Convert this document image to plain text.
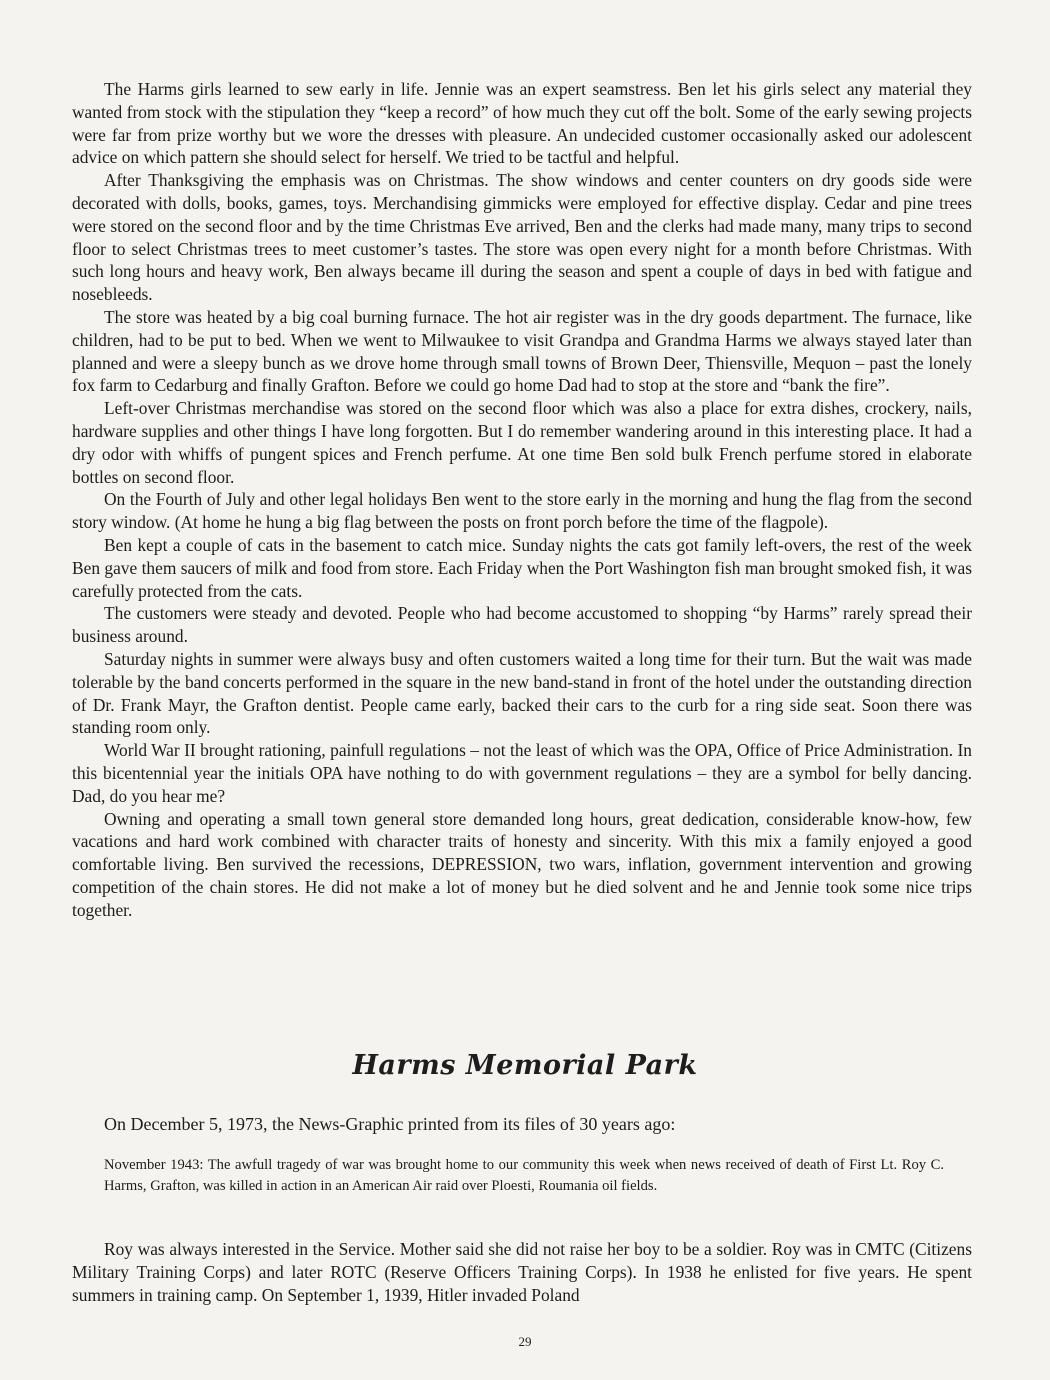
The Harms girls learned to sew early in life. Jennie was an expert seamstress. Ben let his girls select any material they wanted from stock with the stipulation they “keep a record” of how much they cut off the bolt. Some of the early sewing projects were far from prize worthy but we wore the dresses with pleasure. An undecided customer occasionally asked our adolescent advice on which pattern she should select for herself. We tried to be tactful and helpful.

After Thanksgiving the emphasis was on Christmas. The show windows and center counters on dry goods side were decorated with dolls, books, games, toys. Merchandising gimmicks were employed for effective display. Cedar and pine trees were stored on the second floor and by the time Christmas Eve arrived, Ben and the clerks had made many, many trips to second floor to select Christmas trees to meet customer’s tastes. The store was open every night for a month before Christmas. With such long hours and heavy work, Ben always became ill during the season and spent a couple of days in bed with fatigue and nosebleeds.

The store was heated by a big coal burning furnace. The hot air register was in the dry goods department. The furnace, like children, had to be put to bed. When we went to Milwaukee to visit Grandpa and Grandma Harms we always stayed later than planned and were a sleepy bunch as we drove home through small towns of Brown Deer, Thiensville, Mequon – past the lonely fox farm to Cedarburg and finally Grafton. Before we could go home Dad had to stop at the store and “bank the fire”.

Left-over Christmas merchandise was stored on the second floor which was also a place for extra dishes, crockery, nails, hardware supplies and other things I have long forgotten. But I do remember wandering around in this interesting place. It had a dry odor with whiffs of pungent spices and French perfume. At one time Ben sold bulk French perfume stored in elaborate bottles on second floor.

On the Fourth of July and other legal holidays Ben went to the store early in the morning and hung the flag from the second story window. (At home he hung a big flag between the posts on front porch before the time of the flagpole).

Ben kept a couple of cats in the basement to catch mice. Sunday nights the cats got family left-overs, the rest of the week Ben gave them saucers of milk and food from store. Each Friday when the Port Washington fish man brought smoked fish, it was carefully protected from the cats.

The customers were steady and devoted. People who had become accustomed to shopping “by Harms” rarely spread their business around.

Saturday nights in summer were always busy and often customers waited a long time for their turn. But the wait was made tolerable by the band concerts performed in the square in the new band-stand in front of the hotel under the outstanding direction of Dr. Frank Mayr, the Grafton dentist. People came early, backed their cars to the curb for a ring side seat. Soon there was standing room only.

World War II brought rationing, painfull regulations – not the least of which was the OPA, Office of Price Administration. In this bicentennial year the initials OPA have nothing to do with government regulations – they are a symbol for belly dancing. Dad, do you hear me?

Owning and operating a small town general store demanded long hours, great dedication, considerable know-how, few vacations and hard work combined with character traits of honesty and sincerity. With this mix a family enjoyed a good comfortable living. Ben survived the recessions, DEPRESSION, two wars, inflation, government intervention and growing competition of the chain stores. He did not make a lot of money but he died solvent and he and Jennie took some nice trips together.

Harms Memorial Park
On December 5, 1973, the News-Graphic printed from its files of 30 years ago:
November 1943: The awfull tragedy of war was brought home to our community this week when news received of death of First Lt. Roy C. Harms, Grafton, was killed in action in an American Air raid over Ploesti, Roumania oil fields.

Roy was always interested in the Service. Mother said she did not raise her boy to be a soldier. Roy was in CMTC (Citizens Military Training Corps) and later ROTC (Reserve Officers Training Corps). In 1938 he enlisted for five years. He spent summers in training camp. On September 1, 1939, Hitler invaded Poland

29
